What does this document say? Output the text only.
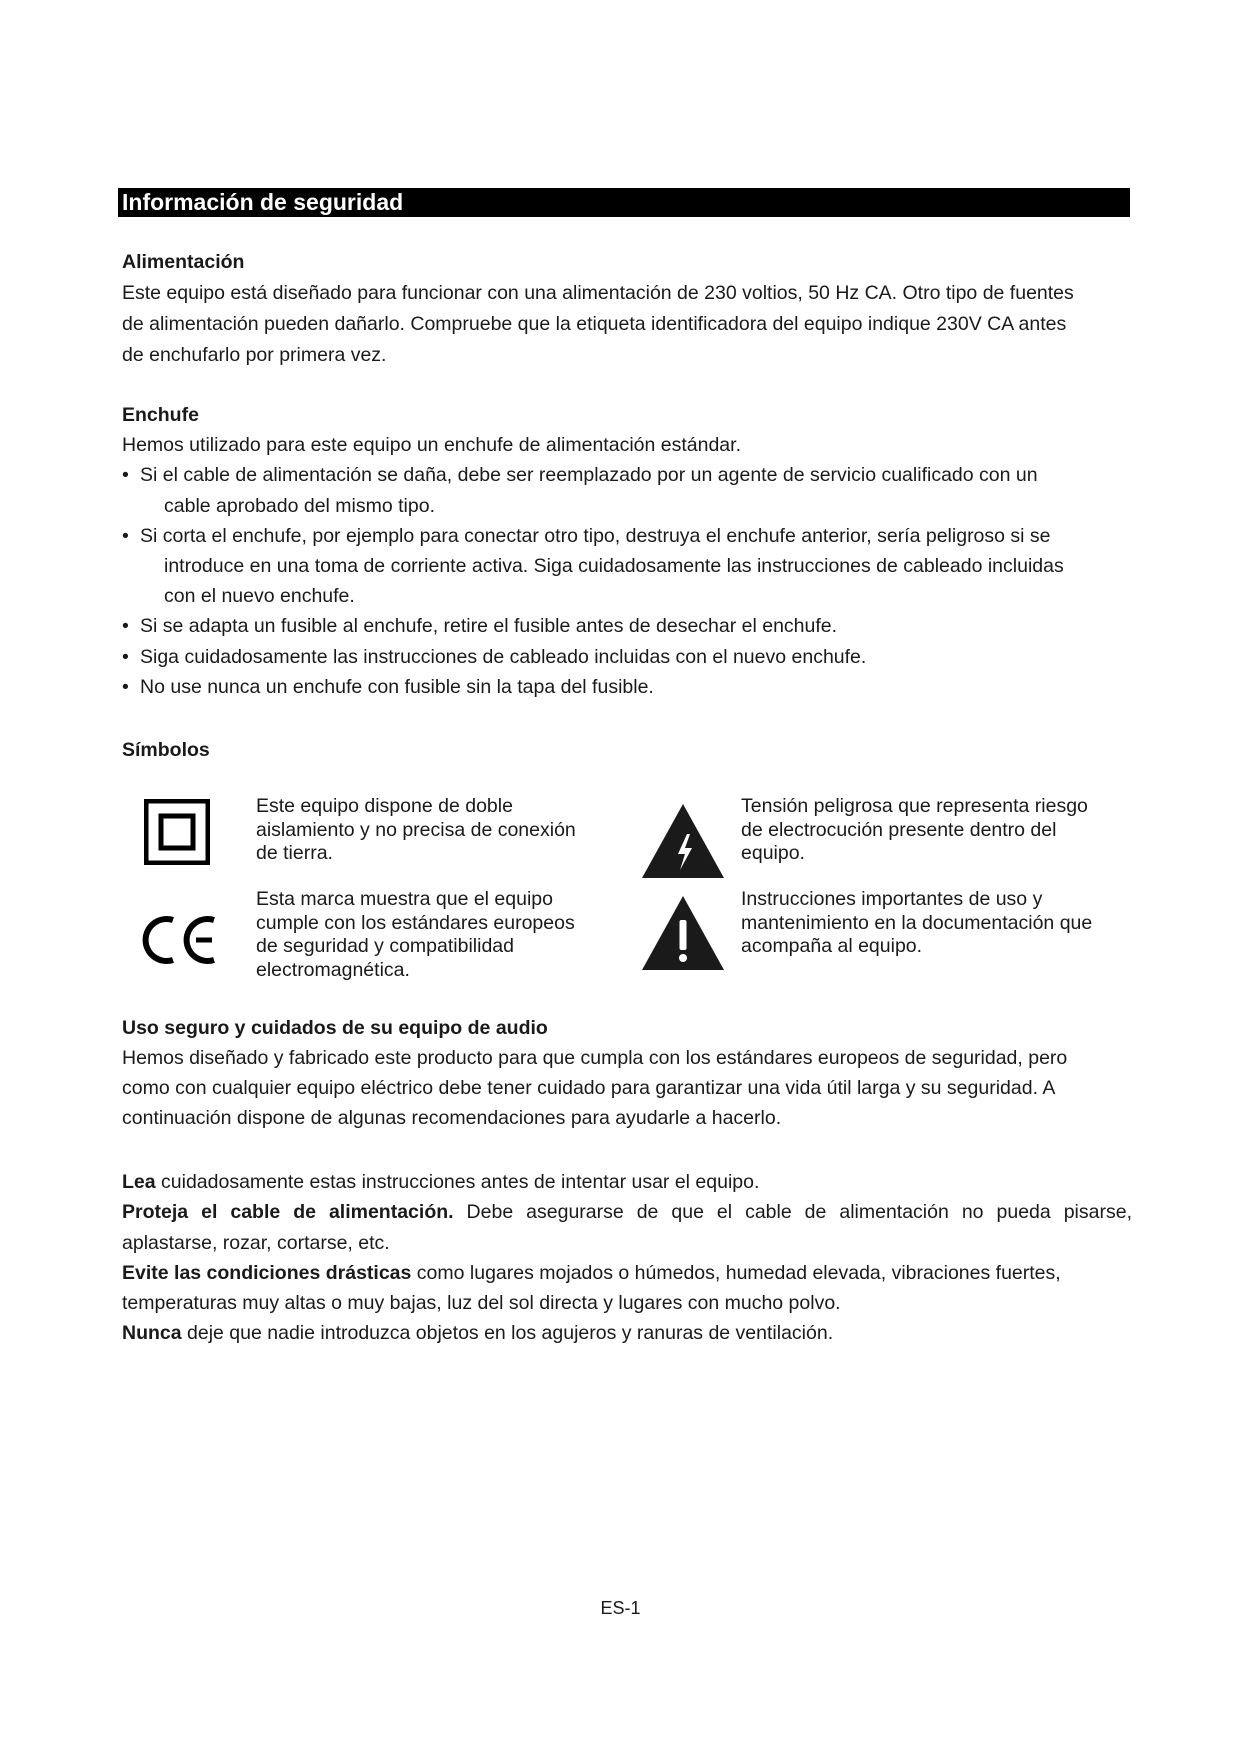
Información de seguridad

Alimentación

Este equipo está diseñado para funcionar con una alimentación de 230 voltios, 50 Hz CA. Otro tipo de fuentes

de alimentación pueden dañarlo. Compruebe que la etiqueta identificadora del equipo indique 230V CA antes

de enchufarlo por primera vez.

Enchufe

Hemos utilizado para este equipo un enchufe de alimentación estándar.

• Si el cable de alimentación se daña, debe ser reemplazado por un agente de servicio cualificado con un
cable aprobado del mismo tipo.
• Si corta el enchufe, por ejemplo para conectar otro tipo, destruya el enchufe anterior, sería peligroso si se
introduce en una toma de corriente activa. Siga cuidadosamente las instrucciones de cableado incluidas
con el nuevo enchufe.
• Si se adapta un fusible al enchufe, retire el fusible antes de desechar el enchufe.
• Siga cuidadosamente las instrucciones de cableado incluidas con el nuevo enchufe.
• No use nunca un enchufe con fusible sin la tapa del fusible.

Símbolos

Este equipo dispone de doble
aislamiento y no precisa de conexión
de tierra.
Tensión peligrosa que representa riesgo
de electrocución presente dentro del
equipo.
Esta marca muestra que el equipo
cumple con los estándares europeos
de seguridad y compatibilidad
electromagnética.
Instrucciones importantes de uso y
mantenimiento en la documentación que
acompaña al equipo.

Uso seguro y cuidados de su equipo de audio

Hemos diseñado y fabricado este producto para que cumpla con los estándares europeos de seguridad, pero

como con cualquier equipo eléctrico debe tener cuidado para garantizar una vida útil larga y su seguridad. A

continuación dispone de algunas recomendaciones para ayudarle a hacerlo.

Lea cuidadosamente estas instrucciones antes de intentar usar el equipo.

Proteja el cable de alimentación. Debe asegurarse de que el cable de alimentación no pueda pisarse,

aplastarse, rozar, cortarse, etc.

Evite las condiciones drásticas como lugares mojados o húmedos, humedad elevada, vibraciones fuertes,

temperaturas muy altas o muy bajas, luz del sol directa y lugares con mucho polvo.

Nunca deje que nadie introduzca objetos en los agujeros y ranuras de ventilación.

ES-1
